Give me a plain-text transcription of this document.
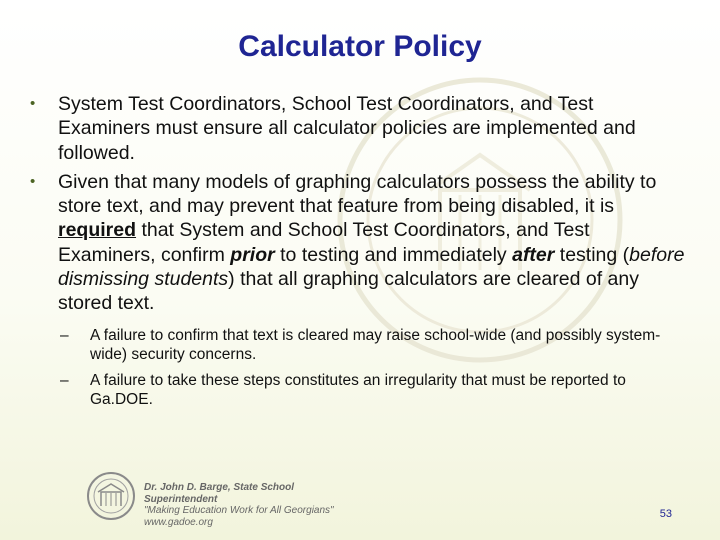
Calculator Policy
•	System Test Coordinators, School Test Coordinators, and Test Examiners must ensure all calculator policies are implemented and followed.
•	Given that many models of graphing calculators possess the ability to store text, and may prevent that feature from being disabled, it is required that System and School Test Coordinators, and Test Examiners, confirm prior to testing and immediately after testing (before dismissing students) that all graphing calculators are cleared of any stored text.
– A failure to confirm that text is cleared may raise school-wide (and possibly system-wide) security concerns.
– A failure to take these steps constitutes an irregularity that must be reported to Ga.DOE.
Dr. John D. Barge, State School Superintendent
"Making Education Work for All Georgians"
www.gadoe.org
53
